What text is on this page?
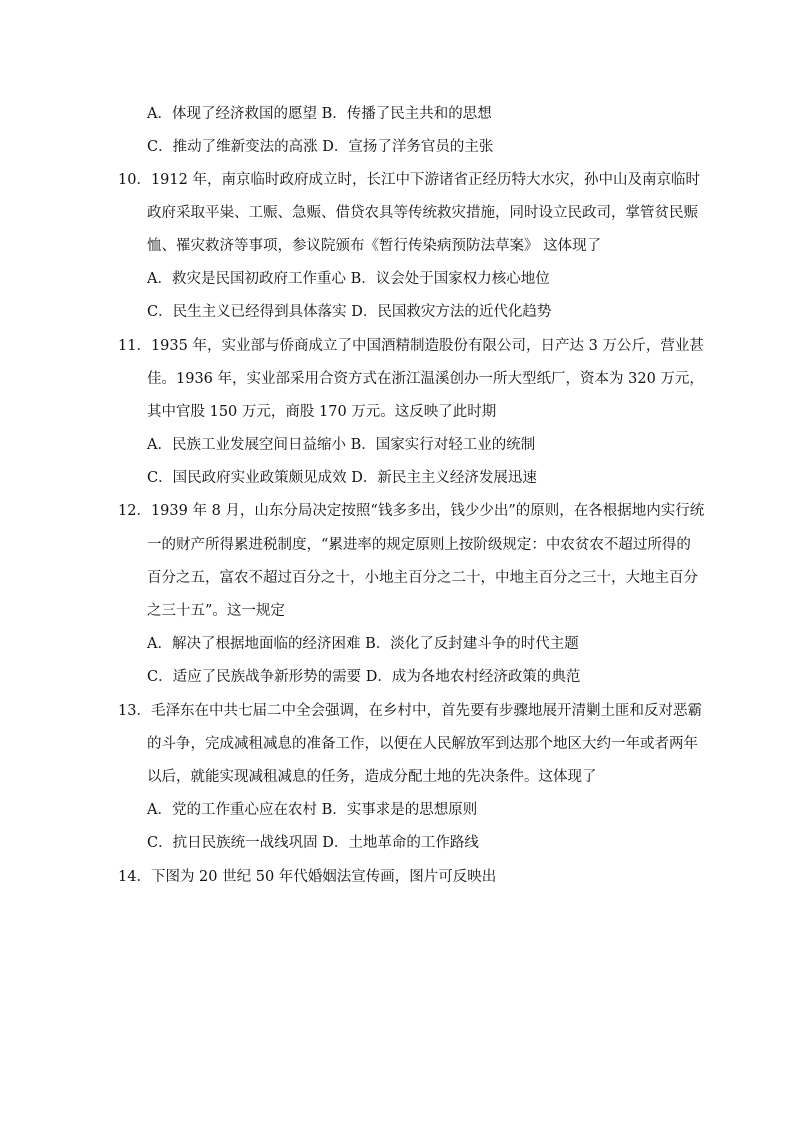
A．体现了经济救国的愿望 B．传播了民主共和的思想
C．推动了维新变法的高涨 D．宣扬了洋务官员的主张
10．1912 年，南京临时政府成立时，长江中下游诸省正经历特大水灾，孙中山及南京临时
政府采取平粜、工赈、急赈、借贷农具等传统救灾措施，同时设立民政司，掌管贫民赈
恤、罹灾救济等事项，参议院颁布《暂行传染病预防法草案》 这体现了
A．救灾是民国初政府工作重心 B．议会处于国家权力核心地位
C．民生主义已经得到具体落实 D．民国救灾方法的近代化趋势
11．1935 年，实业部与侨商成立了中国酒精制造股份有限公司，日产达 3 万公斤，营业甚
佳。1936 年，实业部采用合资方式在浙江温溪创办一所大型纸厂，资本为 320 万元，
其中官股 150 万元，商股 170 万元。这反映了此时期
A．民族工业发展空间日益缩小 B．国家实行对轻工业的统制
C．国民政府实业政策颇见成效 D．新民主主义经济发展迅速
12．1939 年 8 月，山东分局决定按照“钱多多出，钱少少出”的原则，在各根据地内实行统
一的财产所得累进税制度，“累进率的规定原则上按阶级规定：中农贫农不超过所得的
百分之五，富农不超过百分之十，小地主百分之二十，中地主百分之三十，大地主百分
之三十五”。这一规定
A．解决了根据地面临的经济困难 B．淡化了反封建斗争的时代主题
C．适应了民族战争新形势的需要 D．成为各地农村经济政策的典范
13．毛泽东在中共七届二中全会强调，在乡村中，首先要有步骤地展开清剿土匪和反对恶霸
的斗争，完成减租减息的准备工作，以便在人民解放军到达那个地区大约一年或者两年
以后，就能实现减租减息的任务，造成分配土地的先决条件。这体现了
A．党的工作重心应在农村 B．实事求是的思想原则
C．抗日民族统一战线巩固 D．土地革命的工作路线
14．下图为 20 世纪 50 年代婚姻法宣传画，图片可反映出
